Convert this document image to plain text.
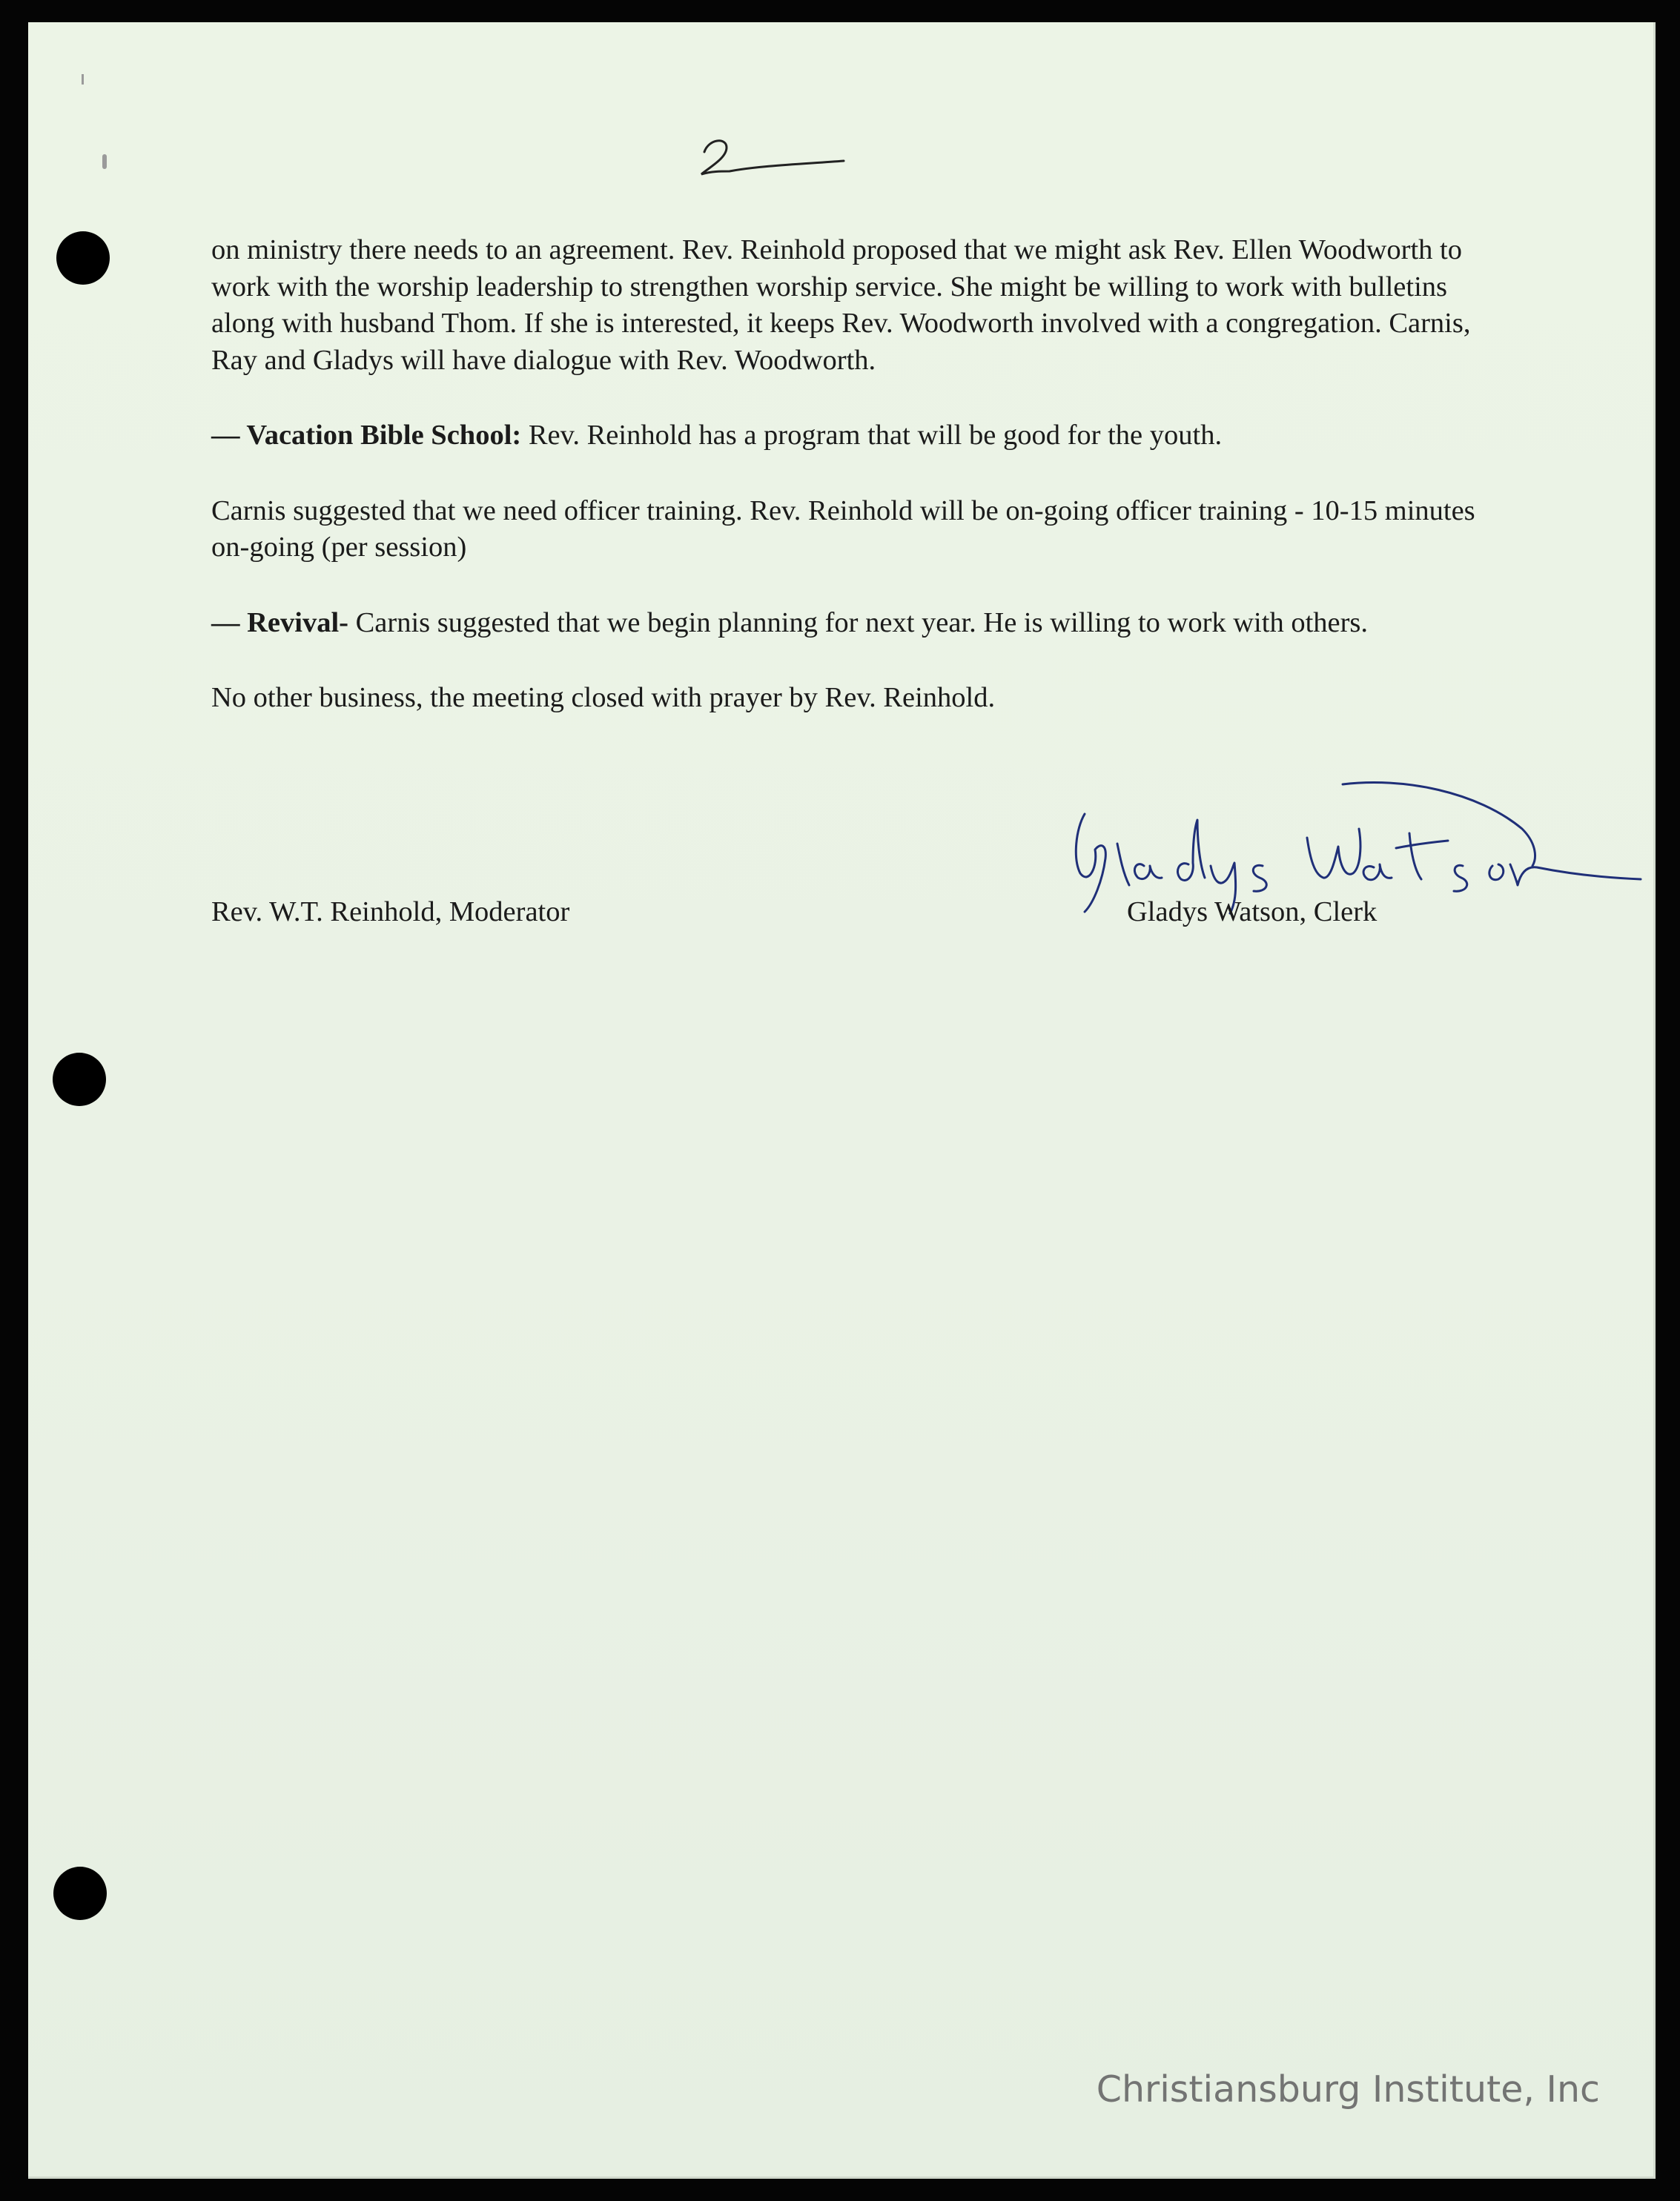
on ministry there needs to an agreement. Rev. Reinhold proposed that we might ask Rev. Ellen Woodworth to work with the worship leadership to strengthen worship service. She might be willing to work with bulletins along with husband Thom. If she is interested, it keeps Rev. Woodworth involved with a congregation. Carnis, Ray and Gladys will have dialogue with Rev. Woodworth.

— Vacation Bible School: Rev. Reinhold has a program that will be good for the youth.

Carnis suggested that we need officer training. Rev. Reinhold will be on-going officer training - 10-15 minutes on-going (per session)

— Revival- Carnis suggested that we begin planning for next year. He is willing to work with others.

No other business, the meeting closed with prayer by Rev. Reinhold.

Rev. W.T. Reinhold, Moderator	Gladys Watson, Clerk
Christiansburg Institute, Inc
